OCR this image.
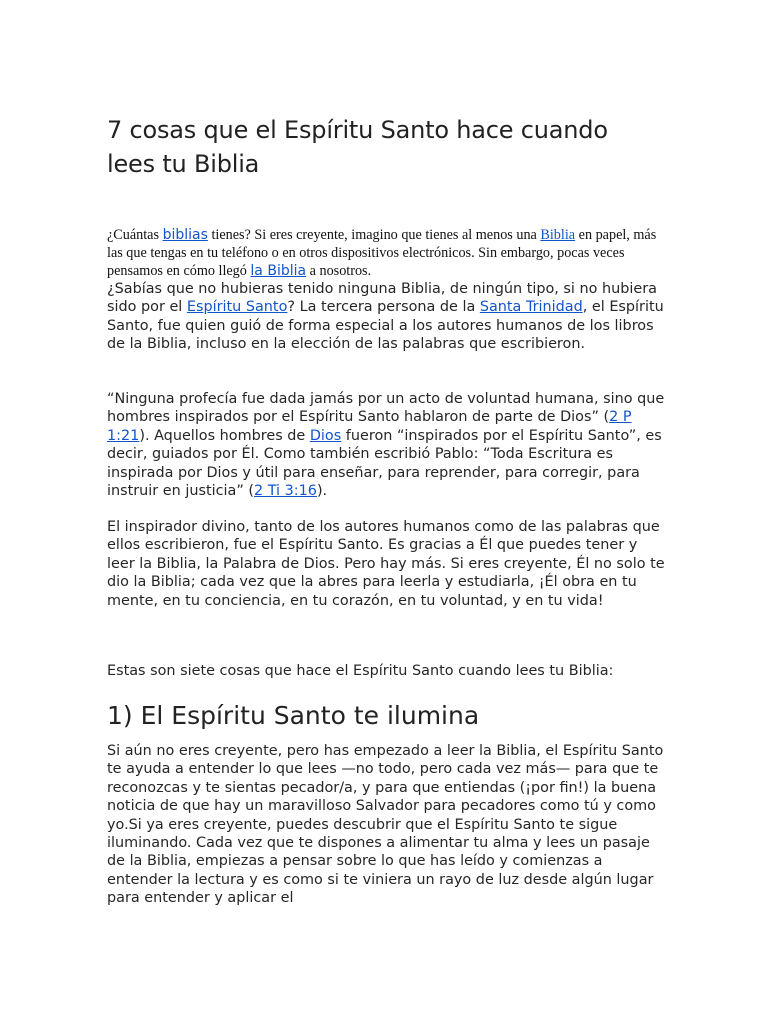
7 cosas que el Espíritu Santo hace cuando
lees tu Biblia
¿Cuántas biblias tienes? Si eres creyente, imagino que tienes al menos una Biblia en papel, más las que tengas en tu teléfono o en otros dispositivos electrónicos. Sin embargo, pocas veces pensamos en cómo llegó la Biblia a nosotros.

¿Sabías que no hubieras tenido ninguna Biblia, de ningún tipo, si no hubiera sido por el Espíritu Santo? La tercera persona de la Santa Trinidad, el Espíritu Santo, fue quien guió de forma especial a los autores humanos de los libros de la Biblia, incluso en la elección de las palabras que escribieron.

“Ninguna profecía fue dada jamás por un acto de voluntad humana, sino que hombres inspirados por el Espíritu Santo hablaron de parte de Dios” (2 P 1:21). Aquellos hombres de Dios fueron “inspirados por el Espíritu Santo”, es decir, guiados por Él. Como también escribió Pablo: “Toda Escritura es inspirada por Dios y útil para enseñar, para reprender, para corregir, para instruir en justicia” (2 Ti 3:16).

El inspirador divino, tanto de los autores humanos como de las palabras que ellos escribieron, fue el Espíritu Santo. Es gracias a Él que puedes tener y leer la Biblia, la Palabra de Dios. Pero hay más. Si eres creyente, Él no solo te dio la Biblia; cada vez que la abres para leerla y estudiarla, ¡Él obra en tu mente, en tu conciencia, en tu corazón, en tu voluntad, y en tu vida!

Estas son siete cosas que hace el Espíritu Santo cuando lees tu Biblia:

1) El Espíritu Santo te ilumina

Si aún no eres creyente, pero has empezado a leer la Biblia, el Espíritu Santo te ayuda a entender lo que lees —no todo, pero cada vez más— para que te reconozcas y te sientas pecador/a, y para que entiendas (¡por fin!) la buena noticia de que hay un maravilloso Salvador para pecadores como tú y como yo.Si ya eres creyente, puedes descubrir que el Espíritu Santo te sigue iluminando. Cada vez que te dispones a alimentar tu alma y lees un pasaje de la Biblia, empiezas a pensar sobre lo que has leído y comienzas a entender la lectura y es como si te viniera un rayo de luz desde algún lugar para entender y aplicar el
